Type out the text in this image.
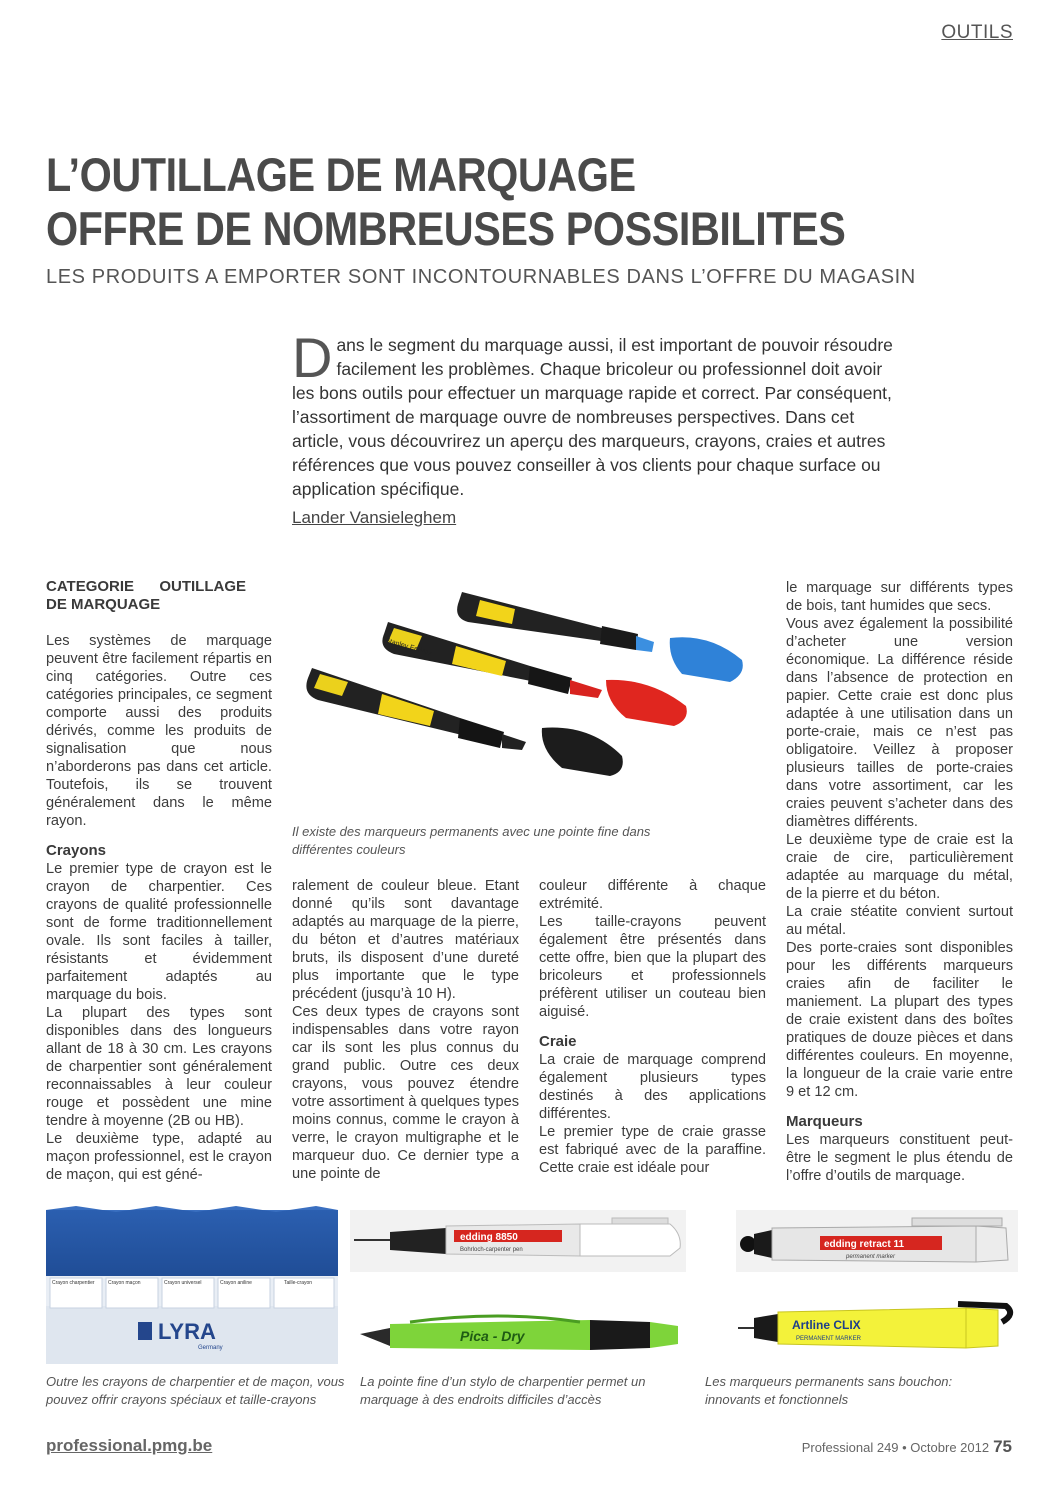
OUTILS
L’OUTILLAGE DE MARQUAGE
OFFRE DE NOMBREUSES POSSIBILITES
LES PRODUITS A EMPORTER SONT INCONTOURNABLES DANS L’OFFRE DU MAGASIN
Dans le segment du marquage aussi, il est important de pouvoir résoudre facilement les problèmes. Chaque bricoleur ou professionnel doit avoir les bons outils pour effectuer un marquage rapide et correct. Par conséquent, l’assortiment de marquage ouvre de nombreuses perspectives. Dans cet article, vous découvrirez un aperçu des marqueurs, crayons, craies et autres références que vous pouvez conseiller à vos clients pour chaque surface ou application spécifique.
Lander Vansieleghem
CATEGORIE OUTILLAGE DE MARQUAGE

Les systèmes de marquage peuvent être facilement répartis en cinq catégories. Outre ces catégories principales, ce segment comporte aussi des produits dérivés, comme les produits de signalisation que nous n’aborderons pas dans cet article. Toutefois, ils se trouvent généralement dans le même rayon.

Crayons

Le premier type de crayon est le crayon de charpentier. Ces crayons de qualité professionnelle sont de forme traditionnellement ovale. Ils sont faciles à tailler, résistants et évidemment parfaitement adaptés au marquage du bois.

La plupart des types sont disponibles dans des longueurs allant de 18 à 30 cm. Les crayons de charpentier sont généralement reconnaissables à leur couleur rouge et possèdent une mine tendre à moyenne (2B ou HB).

Le deuxième type, adapté au maçon professionnel, est le crayon de maçon, qui est géné-

Stanley FatMax
Il existe des marqueurs permanents avec une pointe fine dans différentes couleurs

ralement de couleur bleue. Etant donné qu’ils sont davantage adaptés au marquage de la pierre, du béton et d’autres matériaux bruts, ils disposent d’une dureté plus importante que le type précédent (jusqu’à 10 H).

Ces deux types de crayons sont indispensables dans votre rayon car ils sont les plus connus du grand public. Outre ces deux crayons, vous pouvez étendre votre assortiment à quelques types moins connus, comme le crayon à verre, le crayon multigraphe et le marqueur duo. Ce dernier type a une pointe de

couleur différente à chaque extrémité.

Les taille-crayons peuvent également être présentés dans cette offre, bien que la plupart des bricoleurs et professionnels préfèrent utiliser un couteau bien aiguisé.

Craie

La craie de marquage comprend également plusieurs types destinés à des applications différentes.

Le premier type de craie grasse est fabriqué avec de la paraffine. Cette craie est idéale pour

le marquage sur différents types de bois, tant humides que secs.

Vous avez également la possibilité d’acheter une version économique. La différence réside dans l’absence de protection en papier. Cette craie est donc plus adaptée à une utilisation dans un porte-craie, mais ce n’est pas obligatoire. Veillez à proposer plusieurs tailles de porte-craies dans votre assortiment, car les craies peuvent s’acheter dans des diamètres différents.

Le deuxième type de craie est la craie de cire, particulièrement adaptée au marquage du métal, de la pierre et du béton.

La craie stéatite convient surtout au métal.

Des porte-craies sont disponibles pour les différents marqueurs craies afin de faciliter le maniement. La plupart des types de craie existent dans des boîtes pratiques de douze pièces et dans différentes couleurs. En moyenne, la longueur de la craie varie entre 9 et 12 cm.

Marqueurs

Les marqueurs constituent peut-être le segment le plus étendu de l’offre d’outils de marquage.

Crayon charpentier	Crayon maçon	Crayon universel	Crayon aniline	Taille-crayon
LYRA
Germany
Outre les crayons de charpentier et de maçon, vous pouvez offrir crayons spéciaux et taille-crayons
edding 8850
Bohrloch-carpenter pen
Pica - Dry
La pointe fine d’un stylo de charpentier permet un marquage à des endroits difficiles d’accès
edding retract 11
permanent marker
Artline CLIX
PERMANENT MARKER
Les marqueurs permanents sans bouchon: innovants et fonctionnels
professional.pmg.be	Professional 249 • Octobre 2012 75
